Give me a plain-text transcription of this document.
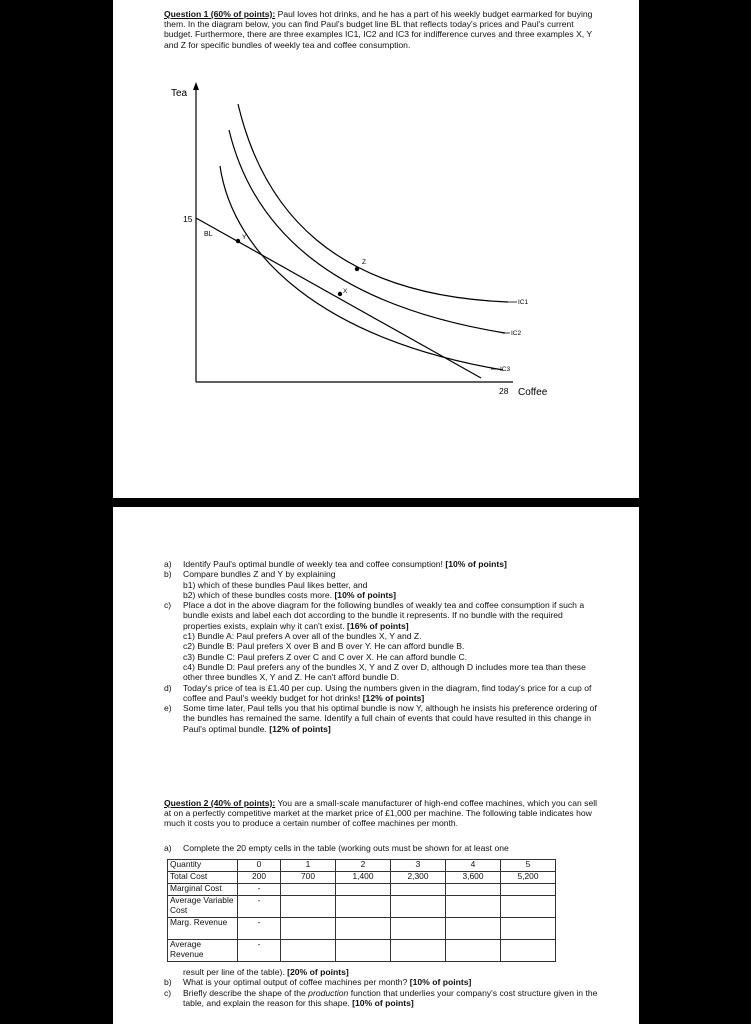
Question 1 (60% of points): Paul loves hot drinks, and he has a part of his weekly budget earmarked for buying them. In the diagram below, you can find Paul's budget line BL that reflects today's prices and Paul's current budget. Furthermore, there are three examples IC1, IC2 and IC3 for indifference curves and three examples X, Y and Z for specific bundles of weekly tea and coffee consumption.
Tea
Coffee
15
28
BL
IC1
IC2
IC3
Y
X
Z

a) Identify Paul's optimal bundle of weekly tea and coffee consumption! [10% of points]

b) Compare bundles Z and Y by explaining

b1) which of these bundles Paul likes better, and

b2) which of these bundles costs more. [10% of points]

c) Place a dot in the above diagram for the following bundles of weakly tea and coffee consumption if such a bundle exists and label each dot according to the bundle it represents. If no bundle with the required properties exists, explain why it can't exist. [16% of points]

c1) Bundle A: Paul prefers A over all of the bundles X, Y and Z.

c2) Bundle B: Paul prefers X over B and B over Y. He can afford bundle B.

c3) Bundle C: Paul prefers Z over C and C over X. He can afford bundle C.

c4) Bundle D: Paul prefers any of the bundles X, Y and Z over D, although D includes more tea than these other three bundles X, Y and Z. He can't afford bundle D.

d) Today's price of tea is £1.40 per cup. Using the numbers given in the diagram, find today's price for a cup of coffee and Paul's weekly budget for hot drinks! [12% of points]

e) Some time later, Paul tells you that his optimal bundle is now Y, although he insists his preference ordering of the bundles has remained the same. Identify a full chain of events that could have resulted in this change in Paul's optimal bundle. [12% of points]

Question 2 (40% of points): You are a small-scale manufacturer of high-end coffee machines, which you can sell at on a perfectly competitive market at the market price of £1,000 per machine. The following table indicates how much it costs you to produce a certain number of coffee machines per month.

a) Complete the 20 empty cells in the table (working outs must be shown for at least one

Quantity	0	1	2	3	4	5
Total Cost	200	700	1,400	2,300	3,600	5,200
Marginal Cost	-					
Average Variable Cost	-					
Marg. Revenue	-					
Average Revenue	-					

result per line of the table). [20% of points]

b) What is your optimal output of coffee machines per month? [10% of points]

c) Briefly describe the shape of the production function that underlies your company's cost structure given in the table, and explain the reason for this shape. [10% of points]
